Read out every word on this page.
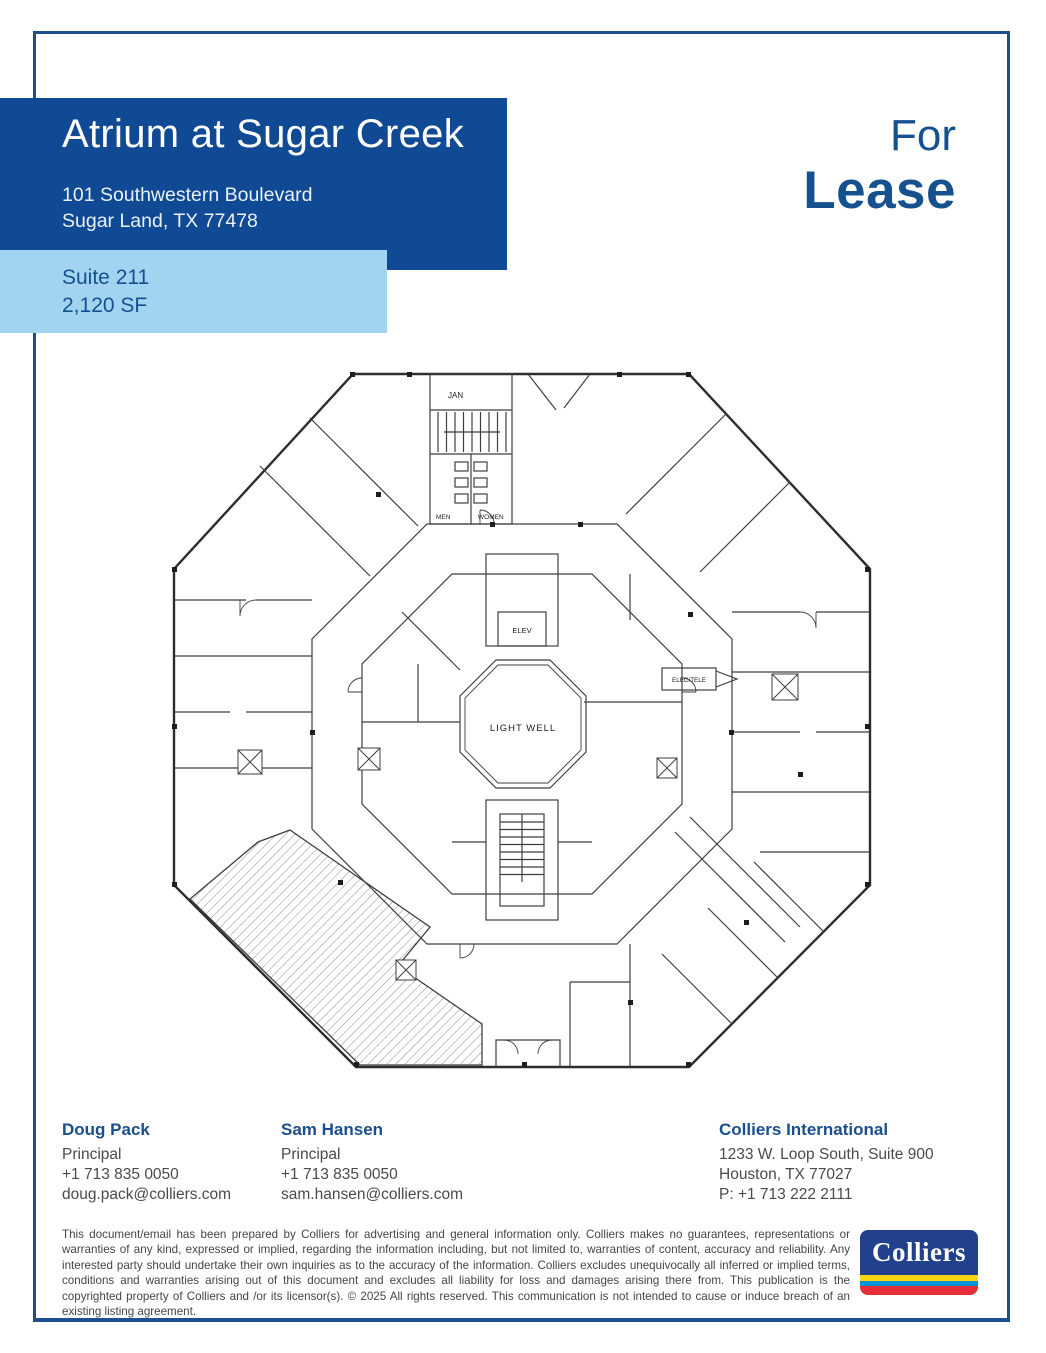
Atrium at Sugar Creek
101 Southwestern Boulevard
Sugar Land, TX 77478
For
Lease
Suite 211
2,120 SF
JAN
MEN	WOMEN
ELEV
ELEC/TELE
LIGHT WELL
Doug Pack
Principal
+1 713 835 0050
doug.pack@colliers.com
Sam Hansen
Principal
+1 713 835 0050
sam.hansen@colliers.com
Colliers International
1233 W. Loop South, Suite 900
Houston, TX 77027
P: +1 713 222 2111
This document/email has been prepared by Colliers for advertising and general information only. Colliers makes no guarantees, representations or warranties of any kind, expressed or implied, regarding the information including, but not limited to, warranties of content, accuracy and reliability. Any interested party should undertake their own inquiries as to the accuracy of the information. Colliers excludes unequivocally all inferred or implied terms, conditions and warranties arising out of this document and excludes all liability for loss and damages arising there from. This publication is the copyrighted property of Colliers and /or its licensor(s). © 2025 All rights reserved. This communication is not intended to cause or induce breach of an existing listing agreement.
Colliers
